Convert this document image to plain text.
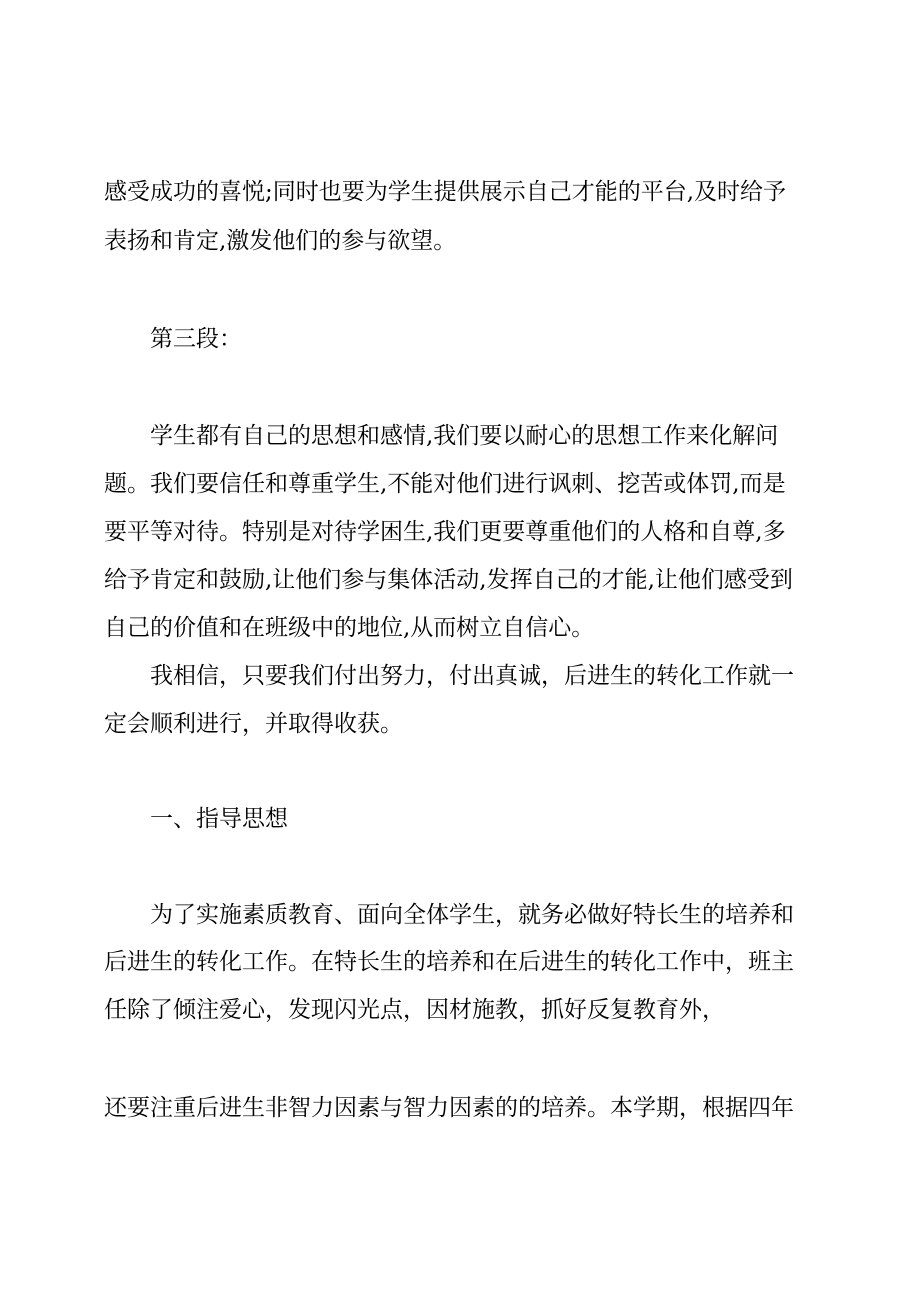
感受成功的喜悦;同时也要为学生提供展示自己才能的平台,及时给予

表扬和肯定,激发他们的参与欲望。

第三段：

学生都有自己的思想和感情,我们要以耐心的思想工作来化解问

题。我们要信任和尊重学生,不能对他们进行讽刺、挖苦或体罚,而是

要平等对待。特别是对待学困生,我们更要尊重他们的人格和自尊,多

给予肯定和鼓励,让他们参与集体活动,发挥自己的才能,让他们感受到

自己的价值和在班级中的地位,从而树立自信心。

我相信，只要我们付出努力，付出真诚，后进生的转化工作就一

定会顺利进行，并取得收获。

一、指导思想

为了实施素质教育、面向全体学生，就务必做好特长生的培养和

后进生的转化工作。在特长生的培养和在后进生的转化工作中，班主

任除了倾注爱心，发现闪光点，因材施教，抓好反复教育外，

还要注重后进生非智力因素与智力因素的的培养。本学期，根据四年
